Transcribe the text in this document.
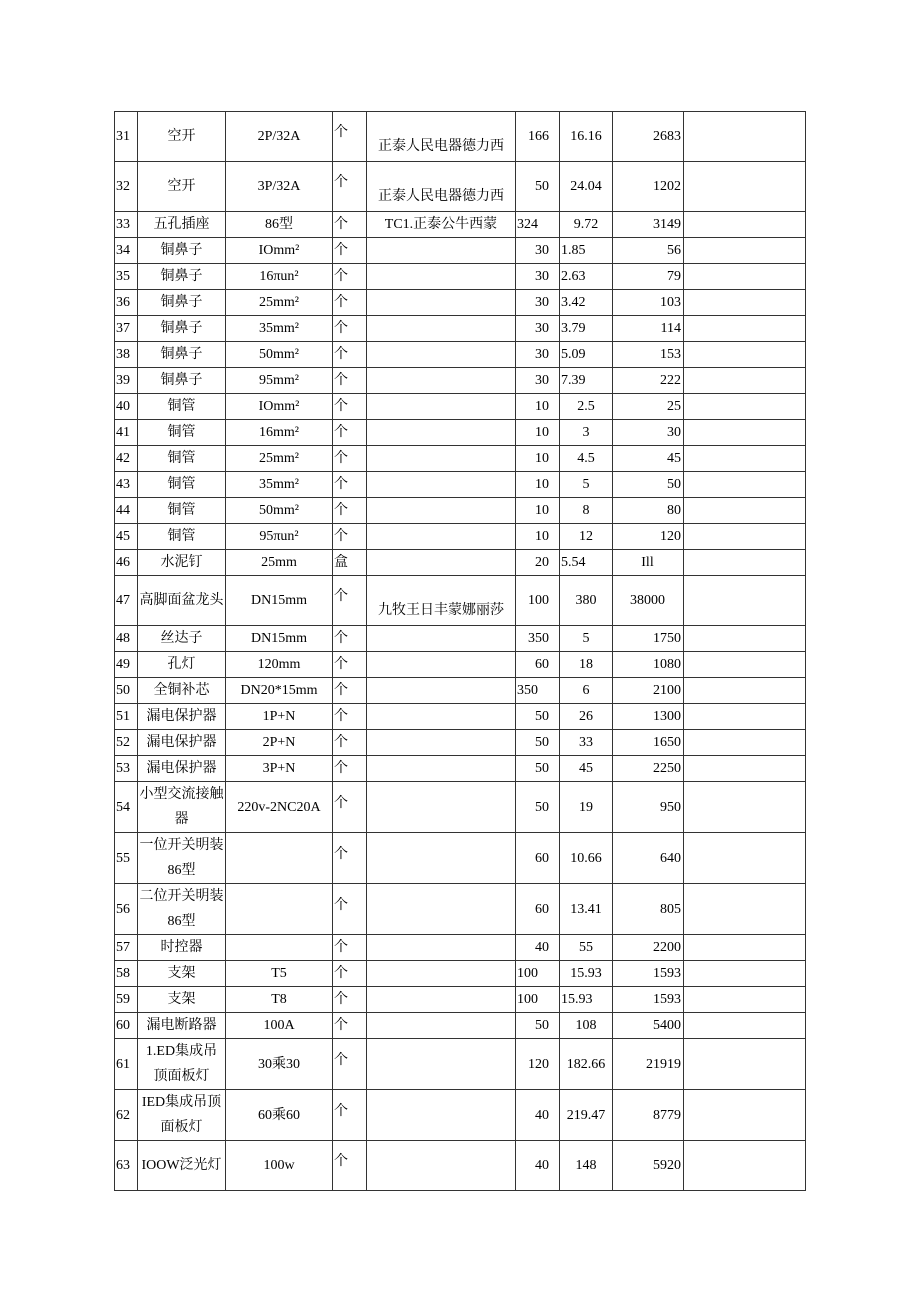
31	空开	2P/32A	个	正泰人民电器德力西	166	16.16	2683	
32	空开	3P/32A	个	正泰人民电器德力西	50	24.04	1202	
33	五孔插座	86型	个	TC1.正泰公牛西蒙	324	9.72	3149	
34	铜鼻子	IOmm²	个		30	1.85	56	
35	铜鼻子	16πun²	个		30	2.63	79	
36	铜鼻子	25mm²	个		30	3.42	103	
37	铜鼻子	35mm²	个		30	3.79	114	
38	铜鼻子	50mm²	个		30	5.09	153	
39	铜鼻子	95mm²	个		30	7.39	222	
40	铜管	IOmm²	个		10	2.5	25	
41	铜管	16mm²	个		10	3	30	
42	铜管	25mm²	个		10	4.5	45	
43	铜管	35mm²	个		10	5	50	
44	铜管	50mm²	个		10	8	80	
45	铜管	95πun²	个		10	12	120	
46	水泥钉	25mm	盒		20	5.54	Ill	
47	高脚面盆龙头	DN15mm	个	九牧王日丰蒙娜丽莎	100	380	38000	
48	丝达子	DN15mm	个		350	5	1750	
49	孔灯	120mm	个		60	18	1080	
50	全铜补芯	DN20*15mm	个		350	6	2100	
51	漏电保护器	1P+N	个		50	26	1300	
52	漏电保护器	2P+N	个		50	33	1650	
53	漏电保护器	3P+N	个		50	45	2250	
54	小型交流接触器	220v-2NC20A	个		50	19	950	
55	一位开关明装86型		个		60	10.66	640	
56	二位开关明装86型		个		60	13.41	805	
57	时控器		个		40	55	2200	
58	支架	T5	个		100	15.93	1593	
59	支架	T8	个		100	15.93	1593	
60	漏电断路器	100A	个		50	108	5400	
61	1.ED集成吊顶面板灯	30乘30	个		120	182.66	21919	
62	IED集成吊顶面板灯	60乘60	个		40	219.47	8779	
63	IOOW泛光灯	100w	个		40	148	5920	
